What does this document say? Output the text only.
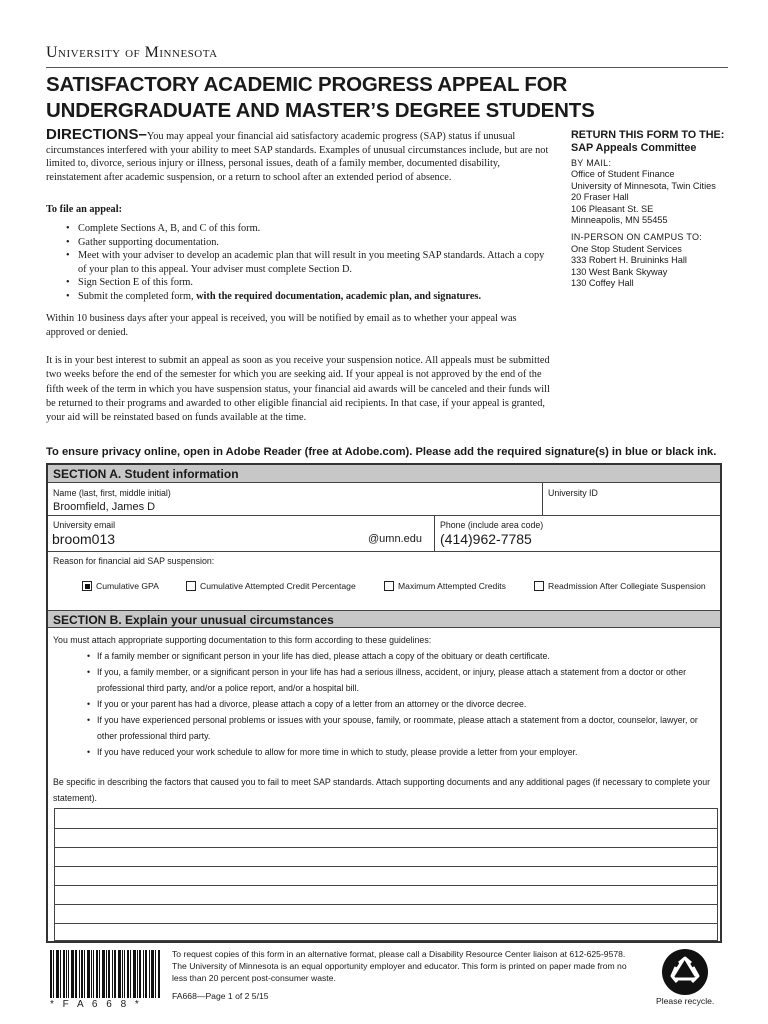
University of Minnesota
SATISFACTORY ACADEMIC PROGRESS APPEAL FOR
UNDERGRADUATE AND MASTER’S DEGREE STUDENTS
DIRECTIONS–You may appeal your financial aid satisfactory academic progress (SAP) status if unusual circumstances interfered with your ability to meet SAP standards. Examples of unusual circumstances include, but are not limited to, divorce, serious injury or illness, personal issues, death of a family member, documented disability, reinstatement after academic suspension, or a return to school after an extended period of absence.
To file an appeal:
• Complete Sections A, B, and C of this form.
• Gather supporting documentation.
• Meet with your adviser to develop an academic plan that will result in you meeting SAP standards. Attach a copy of your plan to this appeal. Your adviser must complete Section D.
• Sign Section E of this form.
• Submit the completed form, with the required documentation, academic plan, and signatures.
Within 10 business days after your appeal is received, you will be notified by email as to whether your appeal was approved or denied.
It is in your best interest to submit an appeal as soon as you receive your suspension notice. All appeals must be submitted two weeks before the end of the semester for which you are seeking aid. If your appeal is not approved by the end of the fifth week of the term in which you have suspension status, your financial aid awards will be canceled and their funds will be returned to their programs and awarded to other eligible financial aid recipients. In that case, if your appeal is granted, your aid will be reinstated based on funds available at the time.
RETURN THIS FORM TO THE:
SAP Appeals Committee
BY MAIL:
Office of Student Finance
University of Minnesota, Twin Cities
20 Fraser Hall
106 Pleasant St. SE
Minneapolis, MN 55455
IN-PERSON ON CAMPUS TO:
One Stop Student Services
333 Robert H. Bruininks Hall
130 West Bank Skyway
130 Coffey Hall
To ensure privacy online, open in Adobe Reader (free at Adobe.com). Please add the required signature(s) in blue or black ink.
SECTION A. Student information
Name (last, first, middle initial)
Broomfield, James D
University ID
University email
broom013	@umn.edu
Phone (include area code)
(414)962-7785
Reason for financial aid SAP suspension:
Cumulative GPA	Cumulative Attempted Credit Percentage	Maximum Attempted Credits	Readmission After Collegiate Suspension
SECTION B. Explain your unusual circumstances
You must attach appropriate supporting documentation to this form according to these guidelines:
• If a family member or significant person in your life has died, please attach a copy of the obituary or death certificate.
• If you, a family member, or a significant person in your life has had a serious illness, accident, or injury, please attach a statement from a doctor or other professional third party, and/or a police report, and/or a hospital bill.
• If you or your parent has had a divorce, please attach a copy of a letter from an attorney or the divorce decree.
• If you have experienced personal problems or issues with your spouse, family, or roommate, please attach a statement from a doctor, counselor, lawyer, or other professional third party.
• If you have reduced your work schedule to allow for more time in which to study, please provide a letter from your employer.
Be specific in describing the factors that caused you to fail to meet SAP standards. Attach supporting documents and any additional pages (if necessary to complete your statement).
* F A 6 6 8 *
To request copies of this form in an alternative format, please call a Disability Resource Center liaison at 612-625-9578. The University of Minnesota is an equal opportunity employer and educator. This form is printed on paper made from no less than 20 percent post-consumer waste.
FA668—Page 1 of 2 5/15	Please recycle.
